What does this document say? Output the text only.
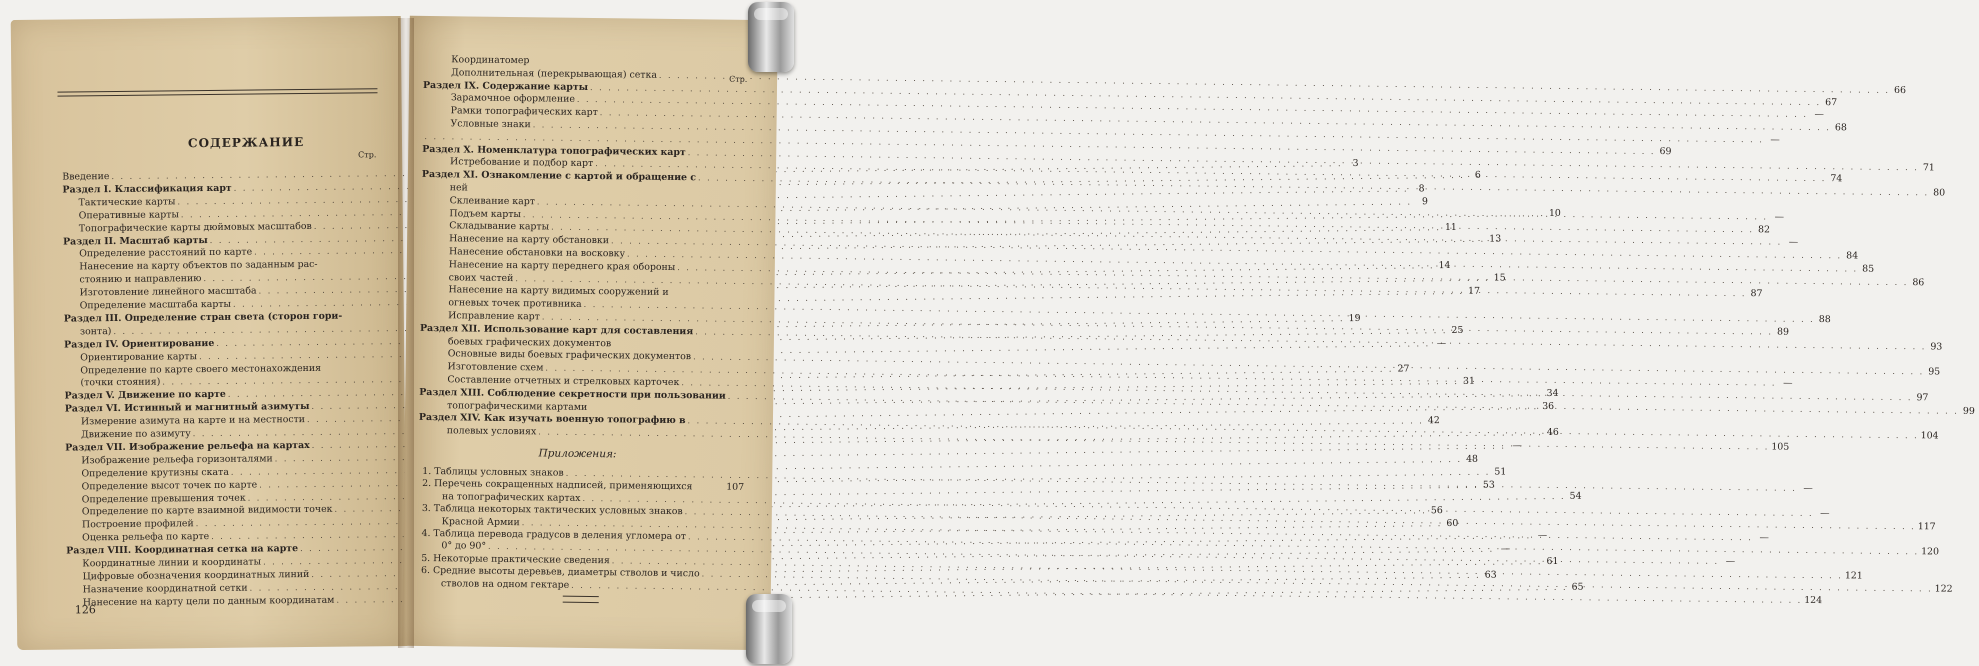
СОДЕРЖАНИЕ
Стр.
Введение
. . .
3
Раздел I. Классификация карт
. . .
6
Тактические карты
. . .
8
Оперативные карты
. . .
9
Топографические карты дюймовых масштабов
. . .
10
Раздел II. Масштаб карты
. . .
11
Определение расстояний по карте
. . .
13
Нанесение на карту объектов по заданным рас-
стоянию и направлению
. . .
14
Изготовление линейного масштаба
. . .
15
Определение масштаба карты
. . .
17
Раздел III. Определение стран света (сторон гори-
зонта)
. . .
19
Раздел IV. Ориентирование
. . .
25
Ориентирование карты
. . .
—
Определение по карте своего местонахождения
(точки стояния)
. . .
27
Раздел V. Движение по карте
. . .
31
Раздел VI. Истинный и магнитный азимуты
. . .
34
Измерение азимута на карте и на местности
. . .
36
Движение по азимуту
. . .
42
Раздел VII. Изображение рельефа на картах
. . .
46
Изображение рельефа горизонталями
. . .
—
Определение крутизны ската
. . .
48
Определение высот точек по карте
. . .
51
Определение превышения точек
. . .
53
Определение по карте взаимной видимости точек
. . .
54
Построение профилей
. . .
56
Оценка рельефа по карте
. . .
60
Раздел VIII. Координатная сетка на карте
. . .
—
Координатные линии и координаты
. . .
—
Цифровые обозначения координатных линий
. . .
61
Назначение координатной сетки
. . .
63
Нанесение на карту цели по данным координатам
. . .
65
126
Стр.
Координатомер
Дополнительная (перекрывающая) сетка
. . .
66
Раздел IX. Содержание карты
. . .
67
Зарамочное оформление
. . .
—
Рамки топографических карт
. . .
68
Условные знаки
. . .
—
. . .
69
Раздел X. Номенклатура топографических карт
. . .
71
Истребование и подбор карт
. . .
74
Раздел XI. Ознакомление с картой и обращение с
. . .
80
ней
Склеивание карт
. . .
—
Подъем карты
. . .
82
Складывание карты
. . .
—
Нанесение на карту обстановки
. . .
84
Нанесение обстановки на восковку
. . .
85
Нанесение на карту переднего края обороны
. . .
86
своих частей
. . .
87
Нанесение на карту видимых сооружений и
огневых точек противника
. . .
88
Исправление карт
. . .
89
Раздел XII. Использование карт для составления
. . .
93
боевых графических документов
Основные виды боевых графических документов
. . .
95
Изготовление схем
. . .
—
Составление отчетных и стрелковых карточек
. . .
97
Раздел XIII. Соблюдение секретности при пользовании
. . .
99
топографическими картами
Раздел XIV. Как изучать военную топографию в
. . .
104
полевых условиях
. . .
105
Приложения:
1. Таблицы условных знаков
. . .
—
2. Перечень сокращенных надписей, применяющихся	107
на топографических картах
. . .
—
3. Таблица некоторых тактических условных знаков
. . .
117
Красной Армии
. . .
—
4. Таблица перевода градусов в деления угломера от
. . .
120
0° до 90°
. . .
—
5. Некоторые практические сведения
. . .
121
6. Средние высоты деревьев, диаметры стволов и число
. . .
122
стволов на одном гектаре
. . .
124
